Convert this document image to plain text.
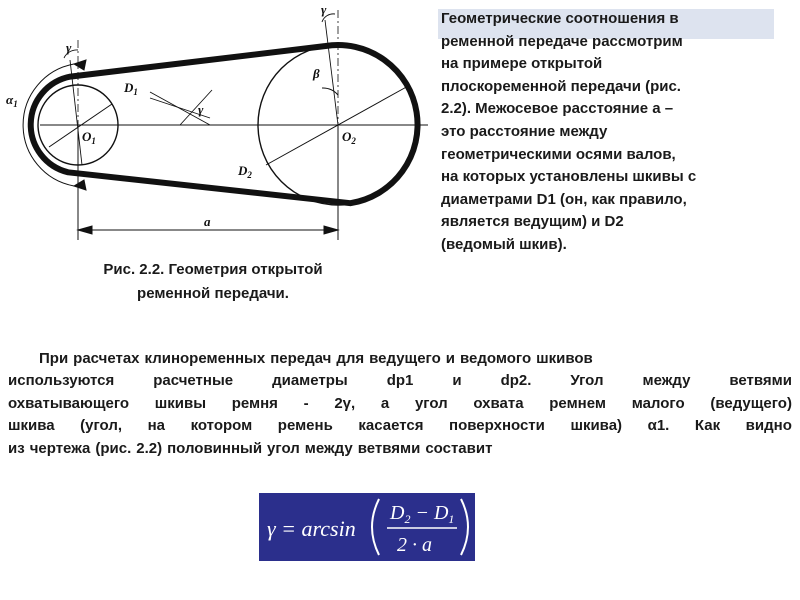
$\alpha_1$
γ
γ
γ
β
$D_1$
$D_2$
$O_1$	$O_2$
a
Рис. 2.2. Геометрия открытой
ременной передачи.
Геометрические соотношения в
ременной передаче рассмотрим
на примере открытой
плоскоременной передачи (рис.
2.2). Межосевое расстояние а –
это расстояние между
геометрическими осями валов,
на которых установлены шкивы с
диаметрами D1 (он, как правило,
является ведущим) и D2
(ведомый шкив).
При расчетах клиноременных передач для ведущего и ведомого шкивов
используются	расчетные	диаметры	dp1	и	dp2.	Угол	между	ветвями
охватывающего шкивы ремня - 2γ, а угол охвата ремнем малого (ведущего)
шкива (угол, на котором ремень касается поверхности шкива) α1. Как видно
из чертежа (рис. 2.2) половинный угол между ветвями составит
γ = arcsin
$D_2 - D_1$
2 · a
